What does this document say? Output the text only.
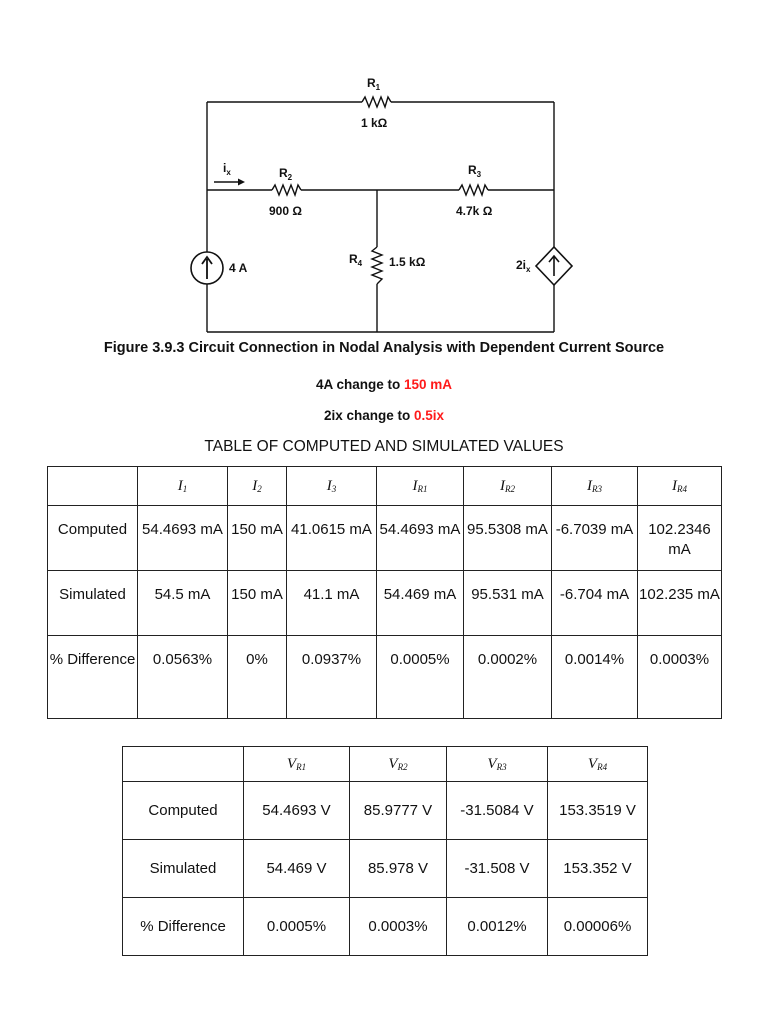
$R_1$
1 kΩ
$R_2$
900 Ω
$R_3$
4.7k Ω
$R_4$ 1.5 kΩ
4 A
$i_x$
$2i_x$
Figure 3.9.3 Circuit Connection in Nodal Analysis with Dependent Current Source
4A change to 150 mA
2ix change to 0.5ix
TABLE OF COMPUTED AND SIMULATED VALUES
	$I_1$	$I_2$	$I_3$	$I_{R1}$	$I_{R2}$	$I_{R3}$	$I_{R4}$
Computed	54.4693 mA	150 mA	41.0615 mA	54.4693 mA	95.5308 mA	-6.7039 mA	102.2346 mA
Simulated	54.5 mA	150 mA	41.1 mA	54.469 mA	95.531 mA	-6.704 mA	102.235 mA
% Difference	0.0563%	0%	0.0937%	0.0005%	0.0002%	0.0014%	0.0003%
	$V_{R1}$	$V_{R2}$	$V_{R3}$	$V_{R4}$
Computed	54.4693 V	85.9777 V	-31.5084 V	153.3519 V
Simulated	54.469 V	85.978 V	-31.508 V	153.352 V
% Difference	0.0005%	0.0003%	0.0012%	0.00006%
